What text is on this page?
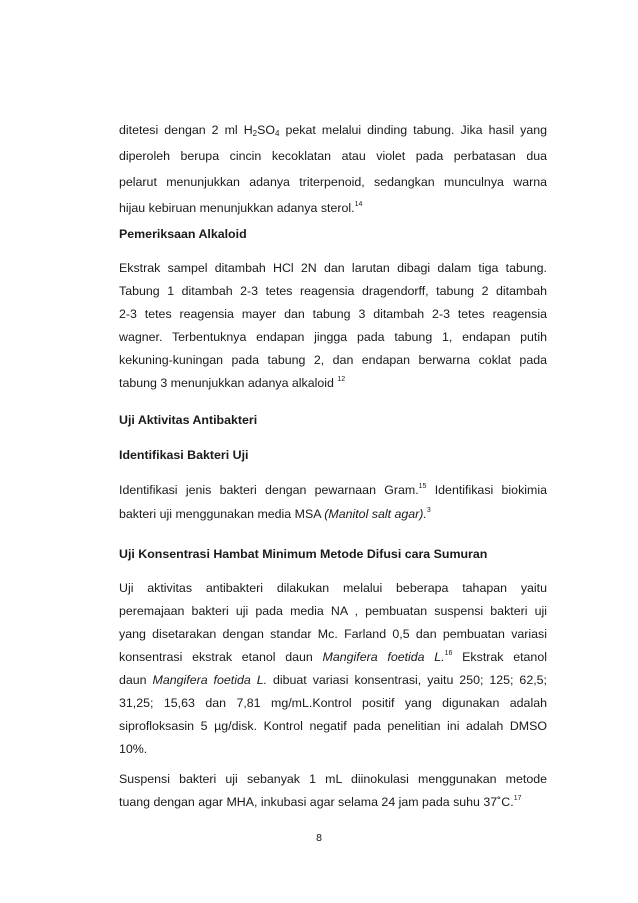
ditetesi dengan 2 ml $H_2SO_4$ pekat melalui dinding tabung. Jika hasil yang
diperoleh berupa cincin kecoklatan atau violet pada perbatasan dua
pelarut menunjukkan adanya triterpenoid, sedangkan munculnya warna
hijau kebiruan menunjukkan adanya sterol.$^{14}$
Pemeriksaan Alkaloid
Ekstrak sampel ditambah HCl 2N dan larutan dibagi dalam tiga tabung.
Tabung 1 ditambah 2-3 tetes reagensia dragendorff, tabung 2 ditambah
2-3 tetes reagensia mayer dan tabung 3 ditambah 2-3 tetes reagensia
wagner. Terbentuknya endapan jingga pada tabung 1, endapan putih
kekuning-kuningan pada tabung 2, dan endapan berwarna coklat pada
tabung 3 menunjukkan adanya alkaloid $^{12}$
Uji Aktivitas Antibakteri
Identifikasi Bakteri Uji
Identifikasi jenis bakteri dengan pewarnaan Gram.$^{15}$ Identifikasi biokimia
bakteri uji menggunakan media MSA (Manitol salt agar).$^3$
Uji Konsentrasi Hambat Minimum Metode Difusi cara Sumuran
Uji aktivitas antibakteri dilakukan melalui beberapa tahapan yaitu
peremajaan bakteri uji pada media NA , pembuatan suspensi bakteri uji
yang disetarakan dengan standar Mc. Farland 0,5 dan pembuatan variasi
konsentrasi ekstrak etanol daun Mangifera foetida L.$^{16}$ Ekstrak etanol
daun Mangifera foetida L. dibuat variasi konsentrasi, yaitu 250; 125; 62,5;
31,25; 15,63 dan 7,81 mg/mL.Kontrol positif yang digunakan adalah
siprofloksasin 5 µg/disk. Kontrol negatif pada penelitian ini adalah DMSO
10%.
Suspensi bakteri uji sebanyak 1 mL diinokulasi menggunakan metode
tuang dengan agar MHA, inkubasi agar selama 24 jam pada suhu 37˚C.$^{17}$
8
